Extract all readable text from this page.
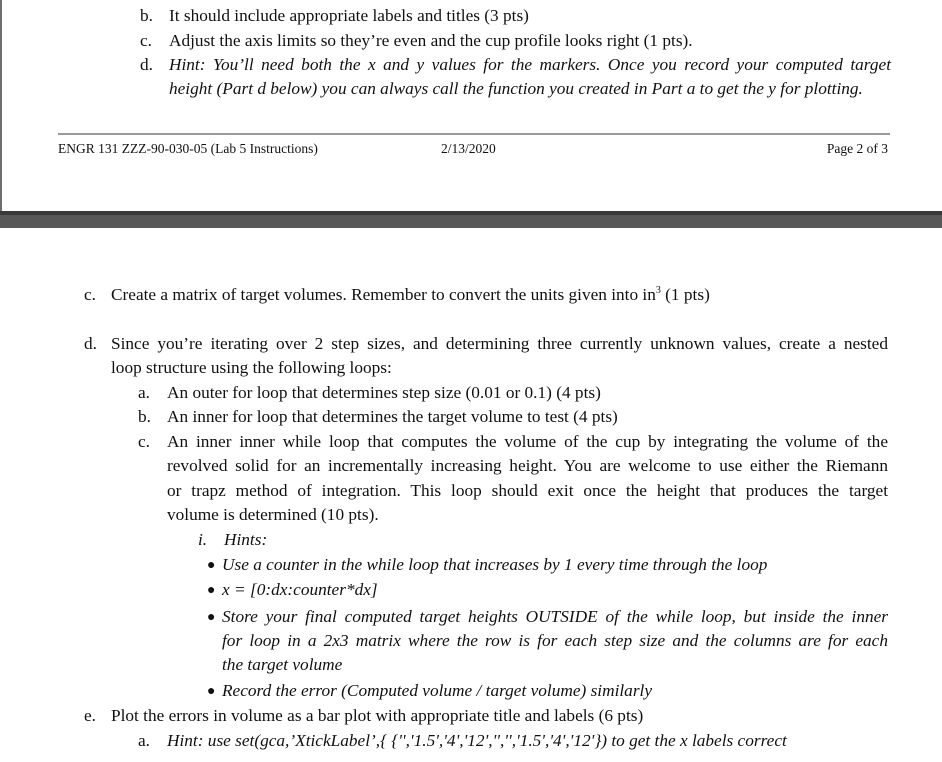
b. It should include appropriate labels and titles (3 pts)
c. Adjust the axis limits so they’re even and the cup profile looks right (1 pts).
d. Hint: You’ll need both the x and y values for the markers. Once you record your computed target
height (Part d below) you can always call the function you created in Part a to get the y for plotting.
ENGR 131 ZZZ-90-030-05 (Lab 5 Instructions)	2/13/2020	Page 2 of 3
c. Create a matrix of target volumes. Remember to convert the units given into $in^3$ (1 pts)
d. Since you’re iterating over 2 step sizes, and determining three currently unknown values, create a nested
loop structure using the following loops:
a. An outer for loop that determines step size (0.01 or 0.1) (4 pts)
b. An inner for loop that determines the target volume to test (4 pts)
c. An inner inner while loop that computes the volume of the cup by integrating the volume of the
revolved solid for an incrementally increasing height. You are welcome to use either the Riemann
or trapz method of integration. This loop should exit once the height that produces the target
volume is determined (10 pts).
i. Hints:
● Use a counter in the while loop that increases by 1 every time through the loop
● x = [0:dx:counter*dx]
● Store your final computed target heights OUTSIDE of the while loop, but inside the inner
for loop in a 2x3 matrix where the row is for each step size and the columns are for each
the target volume
● Record the error (Computed volume / target volume) similarly
e. Plot the errors in volume as a bar plot with appropriate title and labels (6 pts)
a. Hint: use set(gca,’XtickLabel’,{ {'','1.5','4','12','','','1.5','4','12'}) to get the x labels correct
